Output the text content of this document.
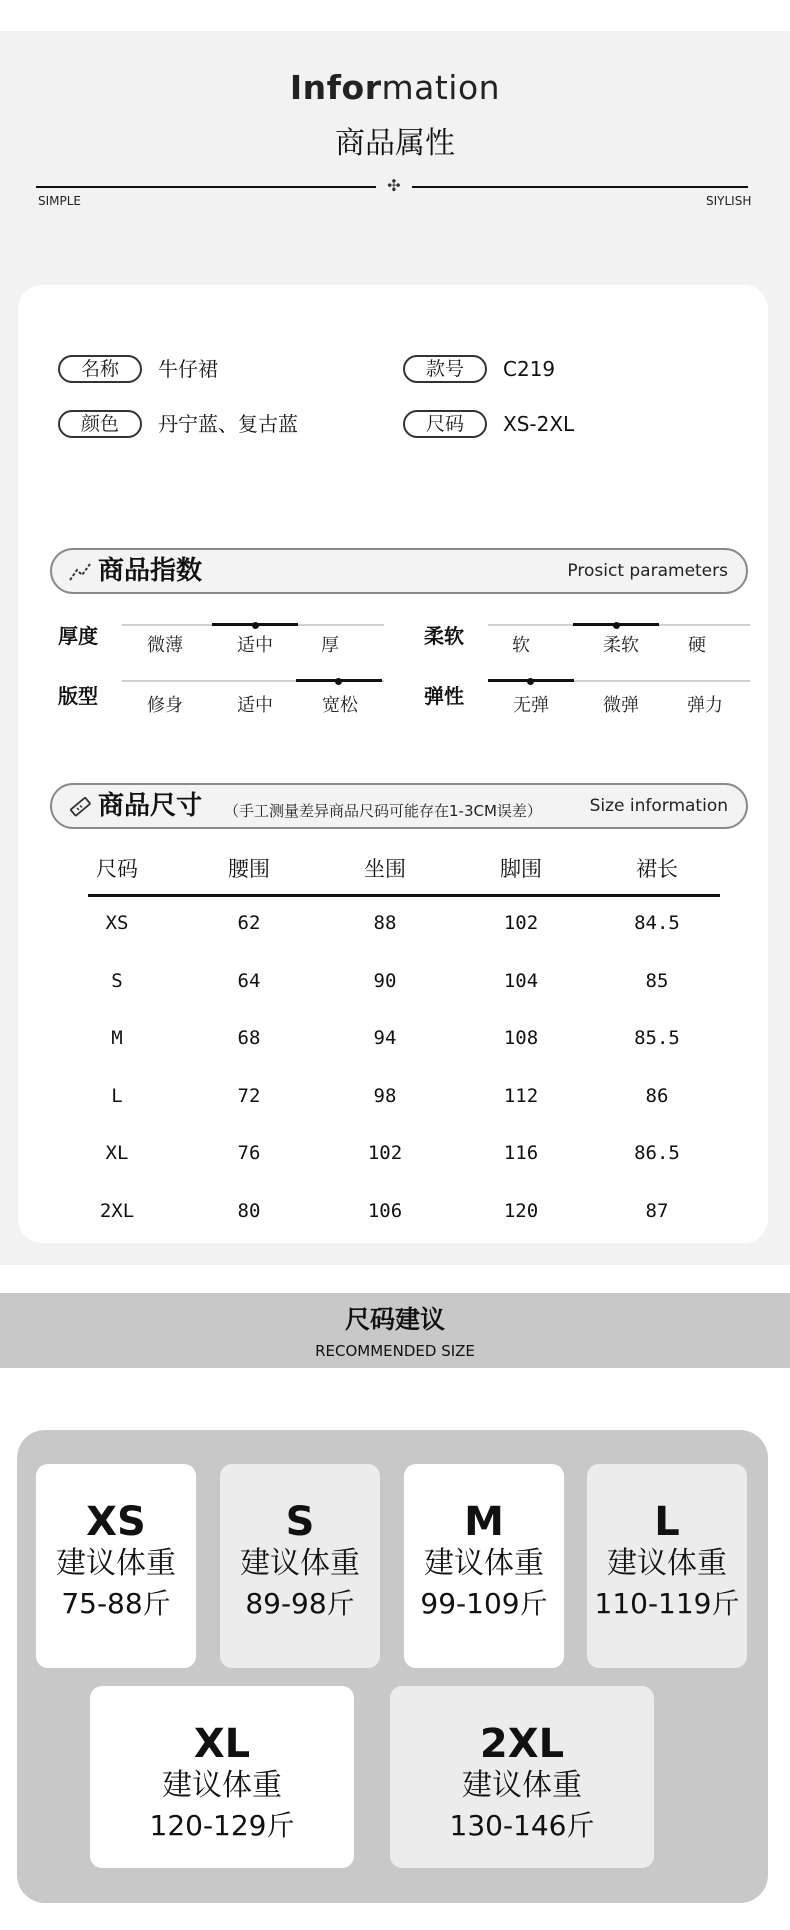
Information
商品属性
✣
SIMPLE	SIYLISH
名称	牛仔裙	款号	C219
颜色	丹宁蓝、复古蓝	尺码	XS-2XL
商品指数	Prosict parameters
厚度	微薄	适中	厚	柔软	软	柔软	硬
版型	修身	适中	宽松	弹性	无弹	微弹	弹力
商品尺寸 （手工测量差异商品尺码可能存在1-3CM误差）	Size information
尺码	腰围	坐围	脚围	裙长
XS	62	88	102	84.5
S	64	90	104	85
M	68	94	108	85.5
L	72	98	112	86
XL	76	102	116	86.5
2XL	80	106	120	87
尺码建议
RECOMMENDED SIZE
XS
建议体重
75-88斤
S
建议体重
89-98斤
M
建议体重
99-109斤
L
建议体重
110-119斤
XL
建议体重
120-129斤
2XL
建议体重
130-146斤
